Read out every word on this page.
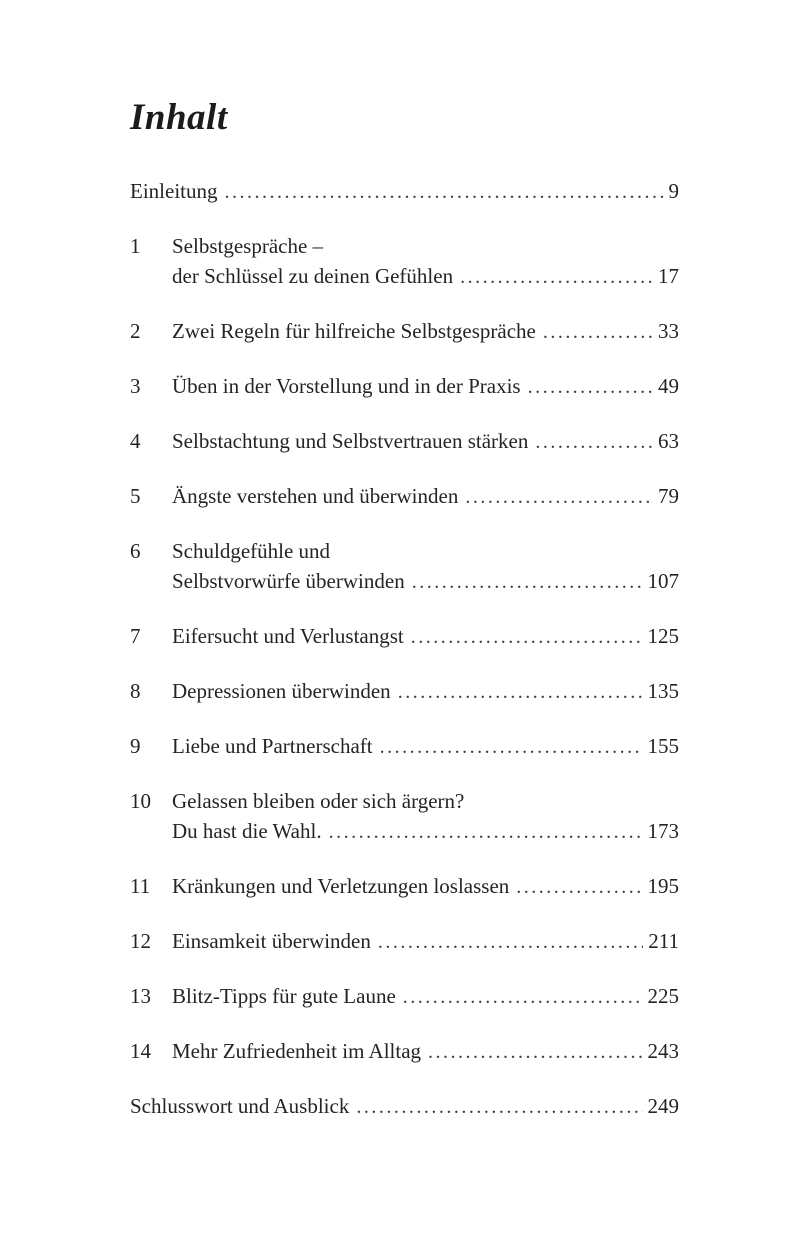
Inhalt
Einleitung .....	9
1	Selbstgespräche –
der Schlüssel zu deinen Gefühlen .....	17
2	Zwei Regeln für hilfreiche Selbstgespräche .....	33
3	Üben in der Vorstellung und in der Praxis .....	49
4	Selbstachtung und Selbstvertrauen stärken .....	63
5	Ängste verstehen und überwinden .....	79
6	Schuldgefühle und
Selbstvorwürfe überwinden .....	107
7	Eifersucht und Verlustangst .....	125
8	Depressionen überwinden .....	135
9	Liebe und Partnerschaft .....	155
10	Gelassen bleiben oder sich ärgern?
Du hast die Wahl. .....	173
11	Kränkungen und Verletzungen loslassen .....	195
12	Einsamkeit überwinden .....	211
13	Blitz-Tipps für gute Laune .....	225
14	Mehr Zufriedenheit im Alltag .....	243
Schlusswort und Ausblick .....	249
